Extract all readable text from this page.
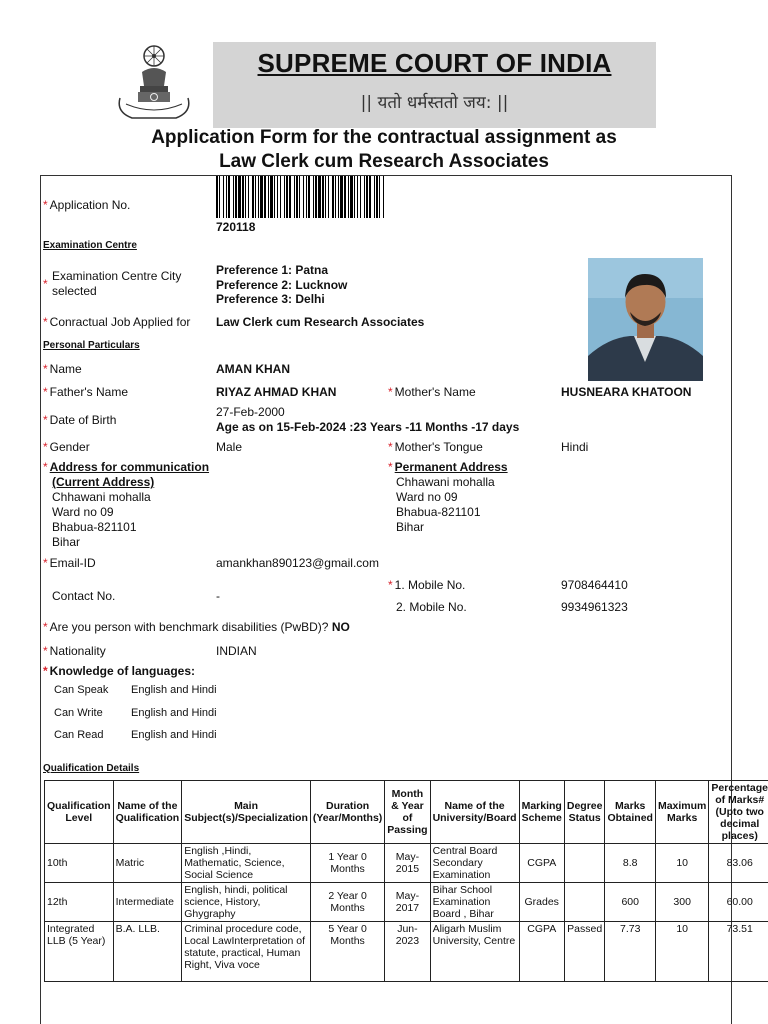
SUPREME COURT OF INDIA
|| यतो धर्मस्ततो जय: ||
Application Form for the contractual assignment as
Law Clerk cum Research Associates
* Application No.
720118
Examination Centre
*
Examination Centre City
selected
Preference 1: Patna
Preference 2: Lucknow
Preference 3: Delhi
* Conractual Job Applied for Law Clerk cum Research Associates
Personal Particulars
* Name	AMAN KHAN
* Father's Name	RIYAZ AHMAD KHAN	* Mother's Name	HUSNEARA KHATOON
* Date of Birth
27-Feb-2000
Age as on 15-Feb-2024 :23 Years -11 Months -17 days
* Gender	Male	* Mother's Tongue	Hindi
* Address for communication
(Current Address)
Chhawani mohalla
Ward no 09
Bhabua-821101
Bihar
* Permanent Address
Chhawani mohalla
Ward no 09
Bhabua-821101
Bihar
* Email-ID	amankhan890123@gmail.com
Contact No.	-
* 1. Mobile No.	9708464410
2. Mobile No.	9934961323
* Are you person with benchmark disabilities (PwBD)? NO
* Nationality	INDIAN
* Knowledge of languages:
Can Speak English and Hindi
Can Write	English and Hindi
Can Read English and Hindi
Qualification Details
Qualification Level	Name of the Qualification	Main Subject(s)/Specialization	Duration (Year/Months)	Month & Year of Passing	Name of the University/Board	Marking Scheme	Degree Status	Marks Obtained	Maximum Marks	Percentage of Marks# (Upto two decimal places)
10th	Matric	English ,Hindi, Mathematic, Science, Social Science	1 Year 0 Months	May-2015	Central Board Secondary Examination	CGPA		8.8	10	83.06
12th	Intermediate	English, hindi, political science, History, Ghygraphy	2 Year 0 Months	May-2017	Bihar School Examination Board , Bihar	Grades		600	300	60.00
Integrated LLB (5 Year)	B.A. LLB.	Criminal procedure code, Local LawInterpretation of statute, practical, Human Right, Viva voce	5 Year 0 Months	Jun-2023	Aligarh Muslim University, Centre	CGPA	Passed	7.73	10	73.51
